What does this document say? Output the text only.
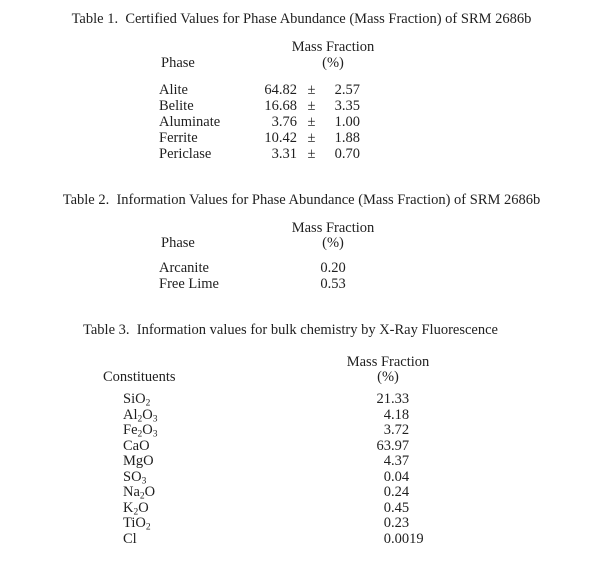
Table 1.  Certified Values for Phase Abundance (Mass Fraction) of SRM 2686b
Mass Fraction
Phase	(%)
Alite	64.82 ±	2.57
Belite	16.68 ±	3.35
Aluminate	3.76 ±	1.00
Ferrite	10.42 ±	1.88
Periclase	3.31 ±	0.70
Table 2.  Information Values for Phase Abundance (Mass Fraction) of SRM 2686b
Mass Fraction
Phase	(%)
Arcanite	0.20
Free Lime	0.53
Table 3.  Information values for bulk chemistry by X-Ray Fluorescence
Mass Fraction
Constituents	(%)
SiO$_2$	21.33
$Al_2O_3$	4.18
$Fe_2O_3$	3.72
CaO	63.97
MgO	4.37
$SO_3$	0.04
$Na_2O$	0.24
$K_2O$	0.45
TiO$_2$	0.23
Cl	0.0019
